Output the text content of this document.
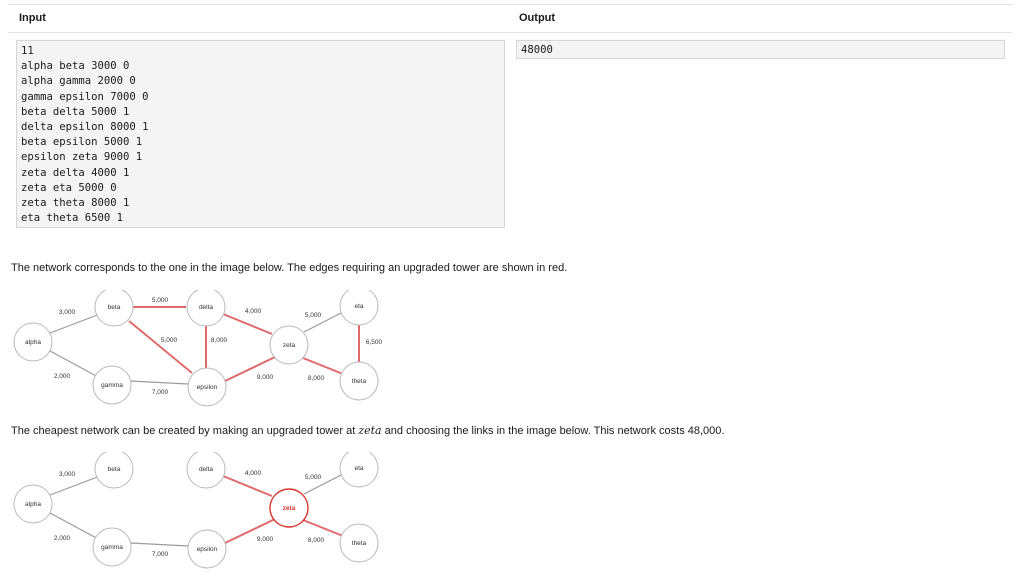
Input	Output
11
alpha beta 3000 0
alpha gamma 2000 0
gamma epsilon 7000 0
beta delta 5000 1
delta epsilon 8000 1
beta epsilon 5000 1
epsilon zeta 9000 1
zeta delta 4000 1
zeta eta 5000 0
zeta theta 8000 1
eta theta 6500 1
48000
The network corresponds to the one in the image below. The edges requiring an upgraded tower are shown in red.
alpha
beta
gamma
delta
epsilon
zeta
eta
theta
3,000
2,000
7,000
5,000
8,000
5,000
9,000
4,000
5,000
8,000
6,500
The cheapest network can be created by making an upgraded tower at zeta and choosing the links in the image below. This network costs 48,000.
alpha
beta
gamma
delta
epsilon
zeta
eta
theta
3,000
2,000
7,000
9,000
4,000
5,000
8,000
